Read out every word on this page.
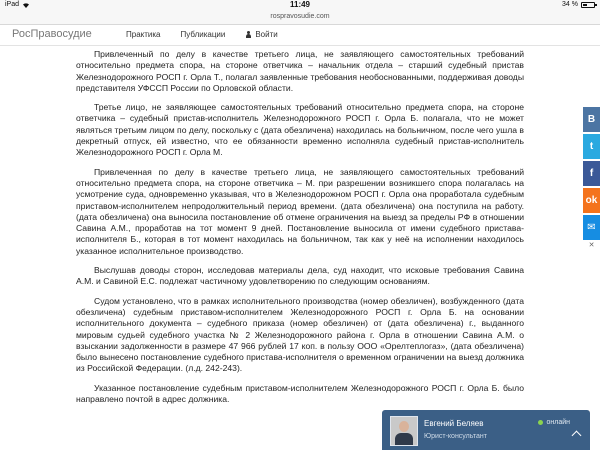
iPad	11:49	34 %
rospravosudie.com
РосПравосудие	Практика	Публикации	Войти

Привлеченный по делу в качестве третьего лица, не заявляющего самостоятельных требований относительно предмета спора, на стороне ответчика – начальник отдела – старший судебный пристав Железнодорожного РОСП г. Орла Т., полагал заявленные требования необоснованными, поддерживая доводы представителя УФССП России по Орловской области.

Третье лицо, не заявляющее самостоятельных требований относительно предмета спора, на стороне ответчика – судебный пристав-исполнитель Железнодорожного РОСП г. Орла Б. полагала, что не может являться третьим лицом по делу, поскольку с (дата обезличена) находилась на больничном, после чего ушла в декретный отпуск, ей известно, что ее обязанности временно исполняла судебный пристав-исполнитель Железнодорожного РОСП г. Орла М.

Привлеченная по делу в качестве третьего лица, не заявляющего самостоятельных требований относительно предмета спора, на стороне ответчика – М. при разрешении возникшего спора полагалась на усмотрение суда, одновременно указывая, что в Железнодорожном РОСП г. Орла она проработала судебным приставом-исполнителем непродолжительный период времени. (дата обезличена) она поступила на работу. (дата обезличена) она выносила постановление об отмене ограничения на выезд за пределы РФ в отношении Савина А.М., проработав на тот момент 9 дней. Постановление выносила от имени судебного пристава-исполнителя Б., которая в тот момент находилась на больничном, так как у неё на исполнении находилось указанное исполнительное производство.

Выслушав доводы сторон, исследовав материалы дела, суд находит, что исковые требования Савина А.М. и Савиной Е.С. подлежат частичному удовлетворению по следующим основаниям.

Судом установлено, что в рамках исполнительного производства (номер обезличен), возбужденного (дата обезличена) судебным приставом-исполнителем Железнодорожного РОСП г. Орла Б. на основании исполнительного документа – судебного приказа (номер обезличен) от (дата обезличена) г., выданного мировым судьей судебного участка № 2 Железнодорожного района г. Орла в отношении Савина А.М. о взыскании задолженности в размере 47 966 рублей 17 коп. в пользу ООО «Орелтеплогаз», (дата обезличена) было вынесено постановление судебного пристава-исполнителя о временном ограничении на выезд должника из Российской Федерации. (л.д. 242-243).

Указанное постановление судебным приставом-исполнителем Железнодорожного РОСП г. Орла Б. было направлено почтой в адрес должника.

B
t
f
ok
✉
✕
Евгений Беляев
Юрист-консультант
онлайн
